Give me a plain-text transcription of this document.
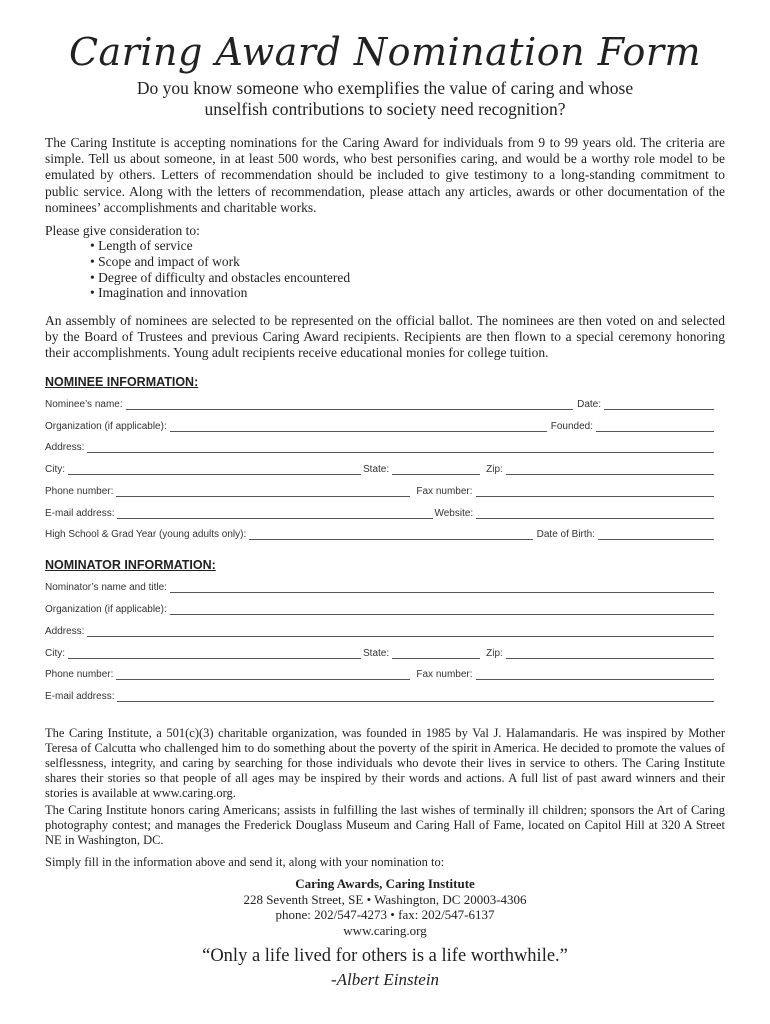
Caring Award Nomination Form
Do you know someone who exemplifies the value of caring and whose
unselfish contributions to society need recognition?

The Caring Institute is accepting nominations for the Caring Award for individuals from 9 to 99 years old. The criteria are simple. Tell us about someone, in at least 500 words, who best personifies caring, and would be a worthy role model to be emulated by others. Letters of recommendation should be included to give testimony to a long-standing commitment to public service. Along with the letters of recommendation, please attach any articles, awards or other documentation of the nominees’ accomplishments and charitable works.

Please give consideration to:
• Length of service
• Scope and impact of work
• Degree of difficulty and obstacles encountered
• Imagination and innovation

An assembly of nominees are selected to be represented on the official ballot. The nominees are then voted on and selected by the Board of Trustees and previous Caring Award recipients. Recipients are then flown to a special ceremony honoring their accomplishments. Young adult recipients receive educational monies for college tuition.

NOMINEE INFORMATION:
Nominee’s name:	Date:
Organization (if applicable):	Founded:
Address:
City:	State:	Zip:
Phone number:	Fax number:
E-mail address:	Website:
High School & Grad Year (young adults only):	Date of Birth:
NOMINATOR INFORMATION:
Nominator’s name and title:
Organization (if applicable):
Address:
City:	State:	Zip:
Phone number:	Fax number:
E-mail address:

The Caring Institute, a 501(c)(3) charitable organization, was founded in 1985 by Val J. Halamandaris. He was inspired by Mother Teresa of Calcutta who challenged him to do something about the poverty of the spirit in America. He decided to promote the values of selflessness, integrity, and caring by searching for those individuals who devote their lives in service to others. The Caring Institute shares their stories so that people of all ages may be inspired by their words and actions. A full list of past award winners and their stories is available at www.caring.org.

The Caring Institute honors caring Americans; assists in fulfilling the last wishes of terminally ill children; sponsors the Art of Caring photography contest; and manages the Frederick Douglass Museum and Caring Hall of Fame, located on Capitol Hill at 320 A Street NE in Washington, DC.

Simply fill in the information above and send it, along with your nomination to:

Caring Awards, Caring Institute
228 Seventh Street, SE • Washington, DC 20003-4306
phone: 202/547-4273 • fax: 202/547-6137
www.caring.org
“Only a life lived for others is a life worthwhile.”
-Albert Einstein
